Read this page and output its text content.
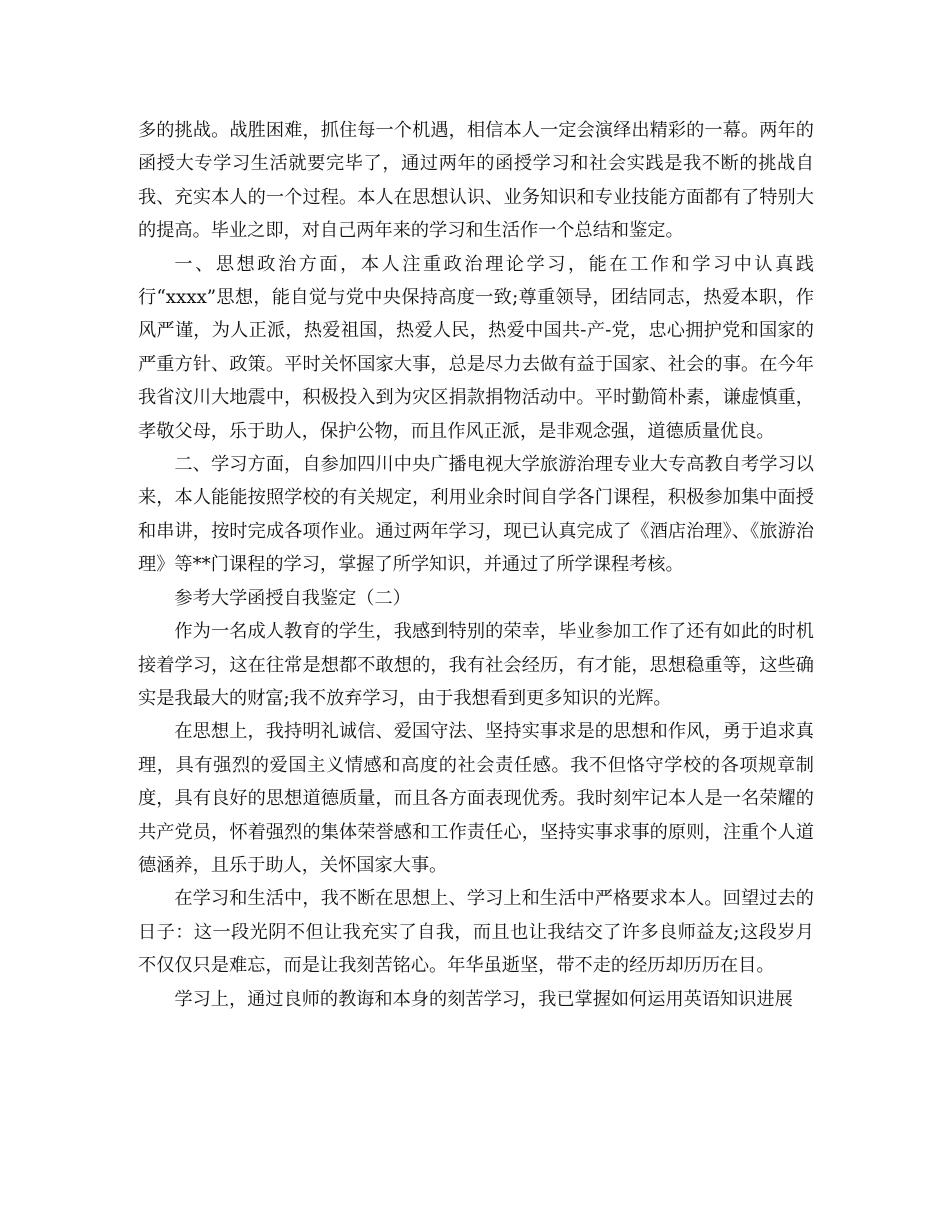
多的挑战。战胜困难，抓住每一个机遇，相信本人一定会演绎出精彩的一幕。两年的函授大专学习生活就要完毕了，通过两年的函授学习和社会实践是我不断的挑战自我、充实本人的一个过程。本人在思想认识、业务知识和专业技能方面都有了特别大的提高。毕业之即，对自己两年来的学习和生活作一个总结和鉴定。

一、思想政治方面，本人注重政治理论学习，能在工作和学习中认真践行“xxxx”思想，能自觉与党中央保持高度一致;尊重领导，团结同志，热爱本职，作风严谨，为人正派，热爱祖国，热爱人民，热爱中国共-产-党，忠心拥护党和国家的严重方针、政策。平时关怀国家大事，总是尽力去做有益于国家、社会的事。在今年我省汶川大地震中，积极投入到为灾区捐款捐物活动中。平时勤简朴素，谦虚慎重，孝敬父母，乐于助人，保护公物，而且作风正派，是非观念强，道德质量优良。

二、学习方面，自参加四川中央广播电视大学旅游治理专业大专高教自考学习以来，本人能能按照学校的有关规定，利用业余时间自学各门课程，积极参加集中面授和串讲，按时完成各项作业。通过两年学习，现已认真完成了《酒店治理》、《旅游治理》等**门课程的学习，掌握了所学知识，并通过了所学课程考核。

参考大学函授自我鉴定（二）

作为一名成人教育的学生，我感到特别的荣幸，毕业参加工作了还有如此的时机接着学习，这在往常是想都不敢想的，我有社会经历，有才能，思想稳重等，这些确实是我最大的财富;我不放弃学习，由于我想看到更多知识的光辉。

在思想上，我持明礼诚信、爱国守法、坚持实事求是的思想和作风，勇于追求真理，具有强烈的爱国主义情感和高度的社会责任感。我不但恪守学校的各项规章制度，具有良好的思想道德质量，而且各方面表现优秀。我时刻牢记本人是一名荣耀的共产党员，怀着强烈的集体荣誉感和工作责任心，坚持实事求事的原则，注重个人道德涵养，且乐于助人，关怀国家大事。

在学习和生活中，我不断在思想上、学习上和生活中严格要求本人。回望过去的日子：这一段光阴不但让我充实了自我，而且也让我结交了许多良师益友;这段岁月不仅仅只是难忘，而是让我刻苦铭心。年华虽逝坚，带不走的经历却历历在目。

学习上，通过良师的教诲和本身的刻苦学习，我已掌握如何运用英语知识进展
